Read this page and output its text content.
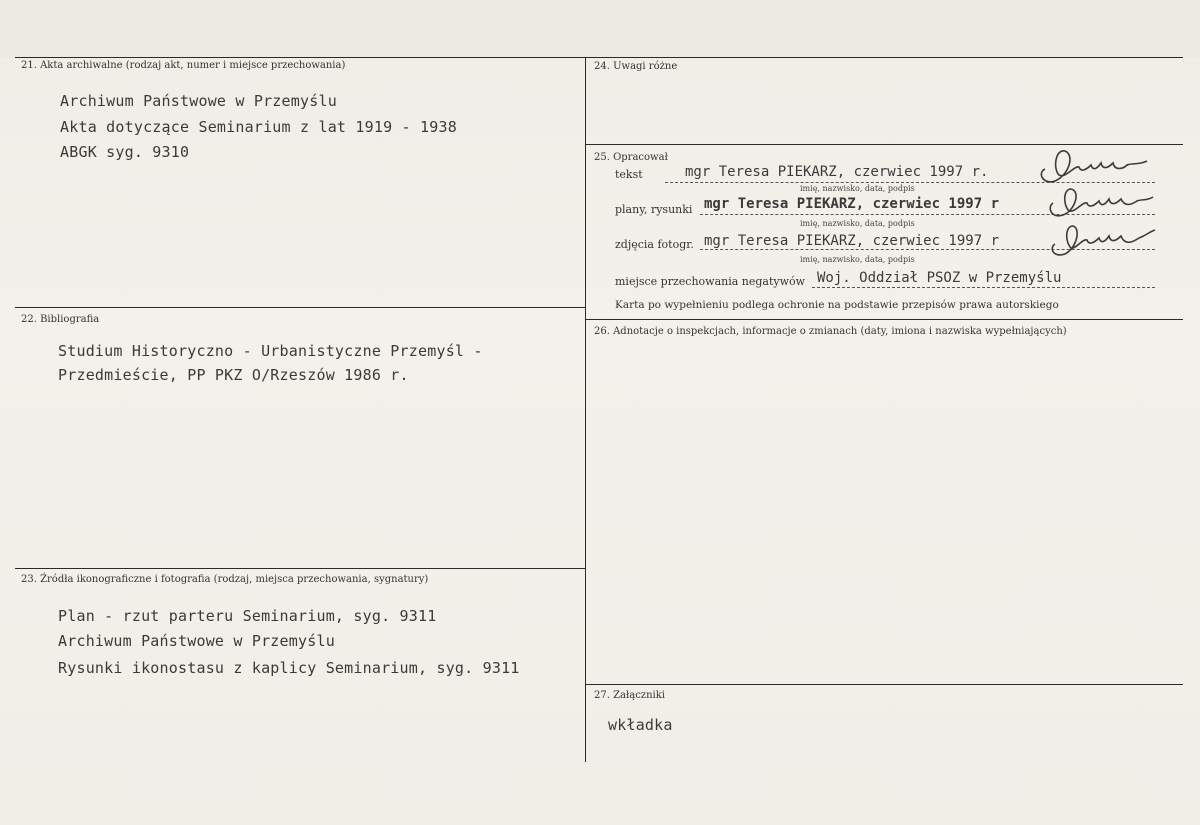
21. Akta archiwalne (rodzaj akt, numer i miejsce przechowania)
Archiwum Państwowe w Przemyślu
Akta dotyczące Seminarium z lat 1919 - 1938
ABGK syg. 9310
22. Bibliografia
Studium Historyczno - Urbanistyczne Przemyśl -
Przedmieście, PP PKZ O/Rzeszów 1986 r.
23. Źródła ikonograficzne i fotografia (rodzaj, miejsca przechowania, sygnatury)
Plan - rzut parteru Seminarium, syg. 9311
Archiwum Państwowe w Przemyślu
Rysunki ikonostasu z kaplicy Seminarium, syg. 9311
24. Uwagi różne
25. Opracował
tekst	mgr Teresa PIEKARZ, czerwiec 1997 r.
imię, nazwisko, data, podpis
plany, rysunki mgr Teresa PIEKARZ, czerwiec 1997 r
imię, nazwisko, data, podpis
zdjęcia fotogr. mgr Teresa PIEKARZ, czerwiec 1997 r
imię, nazwisko, data, podpis
miejsce przechowania negatywów Woj. Oddział PSOZ w Przemyślu
Karta po wypełnieniu podlega ochronie na podstawie przepisów prawa autorskiego
26. Adnotacje o inspekcjach, informacje o zmianach (daty, imiona i nazwiska wypełniających)
27. Załączniki
wkładka
